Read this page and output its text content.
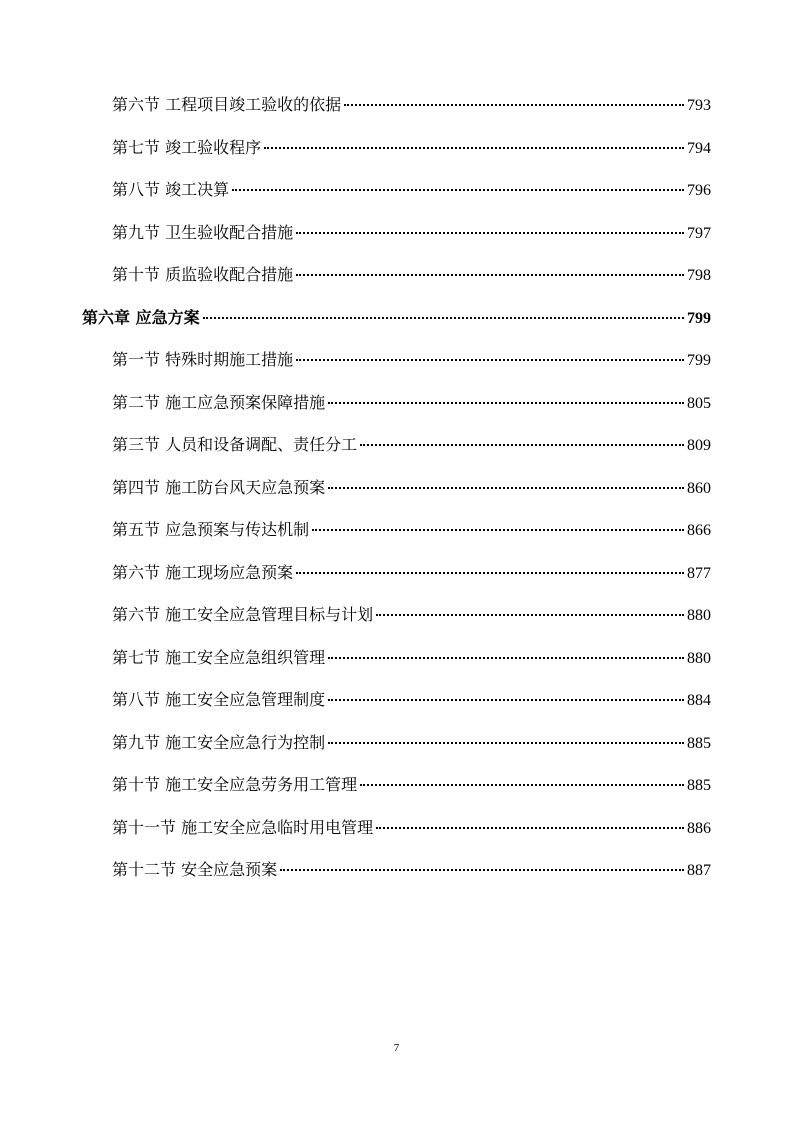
第六节 工程项目竣工验收的依据	793
第七节 竣工验收程序	794
第八节 竣工决算	796
第九节 卫生验收配合措施	797
第十节 质监验收配合措施	798
第六章 应急方案	799
第一节 特殊时期施工措施	799
第二节 施工应急预案保障措施	805
第三节 人员和设备调配、责任分工	809
第四节 施工防台风天应急预案	860
第五节 应急预案与传达机制	866
第六节 施工现场应急预案	877
第六节 施工安全应急管理目标与计划	880
第七节 施工安全应急组织管理	880
第八节 施工安全应急管理制度	884
第九节 施工安全应急行为控制	885
第十节 施工安全应急劳务用工管理	885
第十一节 施工安全应急临时用电管理	886
第十二节 安全应急预案	887
7
